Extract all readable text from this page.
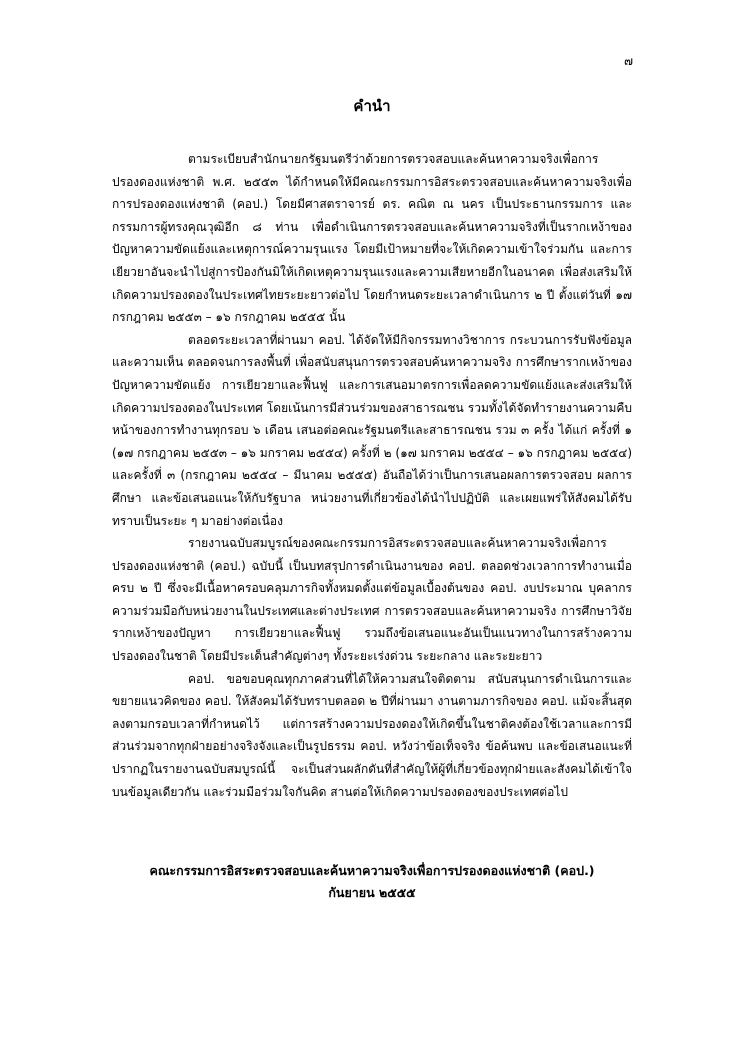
๗
คำนำ

ตามระเบียบสำนักนายกรัฐมนตรีว่าด้วยการตรวจสอบและค้นหาความจริงเพื่อการปรองดองแห่งชาติ พ.ศ. ๒๕๕๓ ได้กำหนดให้มีคณะกรรมการอิสระตรวจสอบและค้นหาความจริงเพื่อการปรองดองแห่งชาติ (คอป.) โดยมีศาสตราจารย์ ดร. คณิต ณ นคร เป็นประธานกรรมการ และกรรมการผู้ทรงคุณวุฒิอีก ๘ ท่าน เพื่อดำเนินการตรวจสอบและค้นหาความจริงที่เป็นรากเหง้าของปัญหาความขัดแย้งและเหตุการณ์ความรุนแรง โดยมีเป้าหมายที่จะให้เกิดความเข้าใจร่วมกัน และการเยียวยาอันจะนำไปสู่การป้องกันมิให้เกิดเหตุความรุนแรงและความเสียหายอีกในอนาคต เพื่อส่งเสริมให้เกิดความปรองดองในประเทศไทยระยะยาวต่อไป โดยกำหนดระยะเวลาดำเนินการ ๒ ปี ตั้งแต่วันที่ ๑๗ กรกฎาคม ๒๕๕๓ – ๑๖ กรกฎาคม ๒๕๕๕ นั้น

ตลอดระยะเวลาที่ผ่านมา คอป. ได้จัดให้มีกิจกรรมทางวิชาการ กระบวนการรับฟังข้อมูลและความเห็น ตลอดจนการลงพื้นที่ เพื่อสนับสนุนการตรวจสอบค้นหาความจริง การศึกษารากเหง้าของปัญหาความขัดแย้ง การเยียวยาและฟื้นฟู และการเสนอมาตรการเพื่อลดความขัดแย้งและส่งเสริมให้เกิดความปรองดองในประเทศ โดยเน้นการมีส่วนร่วมของสาธารณชน รวมทั้งได้จัดทำรายงานความคืบหน้าของการทำงานทุกรอบ ๖ เดือน เสนอต่อคณะรัฐมนตรีและสาธารณชน รวม ๓ ครั้ง ได้แก่ ครั้งที่ ๑ (๑๗ กรกฎาคม ๒๕๕๓ – ๑๖ มกราคม ๒๕๕๔) ครั้งที่ ๒ (๑๗ มกราคม ๒๕๕๔ – ๑๖ กรกฎาคม ๒๕๕๔) และครั้งที่ ๓ (กรกฎาคม ๒๕๕๔ – มีนาคม ๒๕๕๕) อันถือได้ว่าเป็นการเสนอผลการตรวจสอบ ผลการศึกษา และข้อเสนอแนะให้กับรัฐบาล หน่วยงานที่เกี่ยวข้องได้นำไปปฏิบัติ และเผยแพร่ให้สังคมได้รับทราบเป็นระยะ ๆ มาอย่างต่อเนื่อง

รายงานฉบับสมบูรณ์ของคณะกรรมการอิสระตรวจสอบและค้นหาความจริงเพื่อการปรองดองแห่งชาติ (คอป.) ฉบับนี้ เป็นบทสรุปการดำเนินงานของ คอป. ตลอดช่วงเวลาการทำงานเมื่อครบ ๒ ปี ซึ่งจะมีเนื้อหาครอบคลุมภารกิจทั้งหมดตั้งแต่ข้อมูลเบื้องต้นของ คอป. งบประมาณ บุคลากร ความร่วมมือกับหน่วยงานในประเทศและต่างประเทศ การตรวจสอบและค้นหาความจริง การศึกษาวิจัยรากเหง้าของปัญหา การเยียวยาและฟื้นฟู รวมถึงข้อเสนอแนะอันเป็นแนวทางในการสร้างความปรองดองในชาติ โดยมีประเด็นสำคัญต่างๆ ทั้งระยะเร่งด่วน ระยะกลาง และระยะยาว

คอป. ขอขอบคุณทุกภาคส่วนที่ได้ให้ความสนใจติดตาม สนับสนุนการดำเนินการและขยายแนวคิดของ คอป. ให้สังคมได้รับทราบตลอด ๒ ปีที่ผ่านมา งานตามภารกิจของ คอป. แม้จะสิ้นสุดลงตามกรอบเวลาที่กำหนดไว้ แต่การสร้างความปรองดองให้เกิดขึ้นในชาติคงต้องใช้เวลาและการมีส่วนร่วมจากทุกฝ่ายอย่างจริงจังและเป็นรูปธรรม คอป. หวังว่าข้อเท็จจริง ข้อค้นพบ และข้อเสนอแนะที่ปรากฏในรายงานฉบับสมบูรณ์นี้ จะเป็นส่วนผลักดันที่สำคัญให้ผู้ที่เกี่ยวข้องทุกฝ่ายและสังคมได้เข้าใจบนข้อมูลเดียวกัน และร่วมมือร่วมใจกันคิด สานต่อให้เกิดความปรองดองของประเทศต่อไป

คณะกรรมการอิสระตรวจสอบและค้นหาความจริงเพื่อการปรองดองแห่งชาติ (คอป.)
กันยายน ๒๕๕๕
